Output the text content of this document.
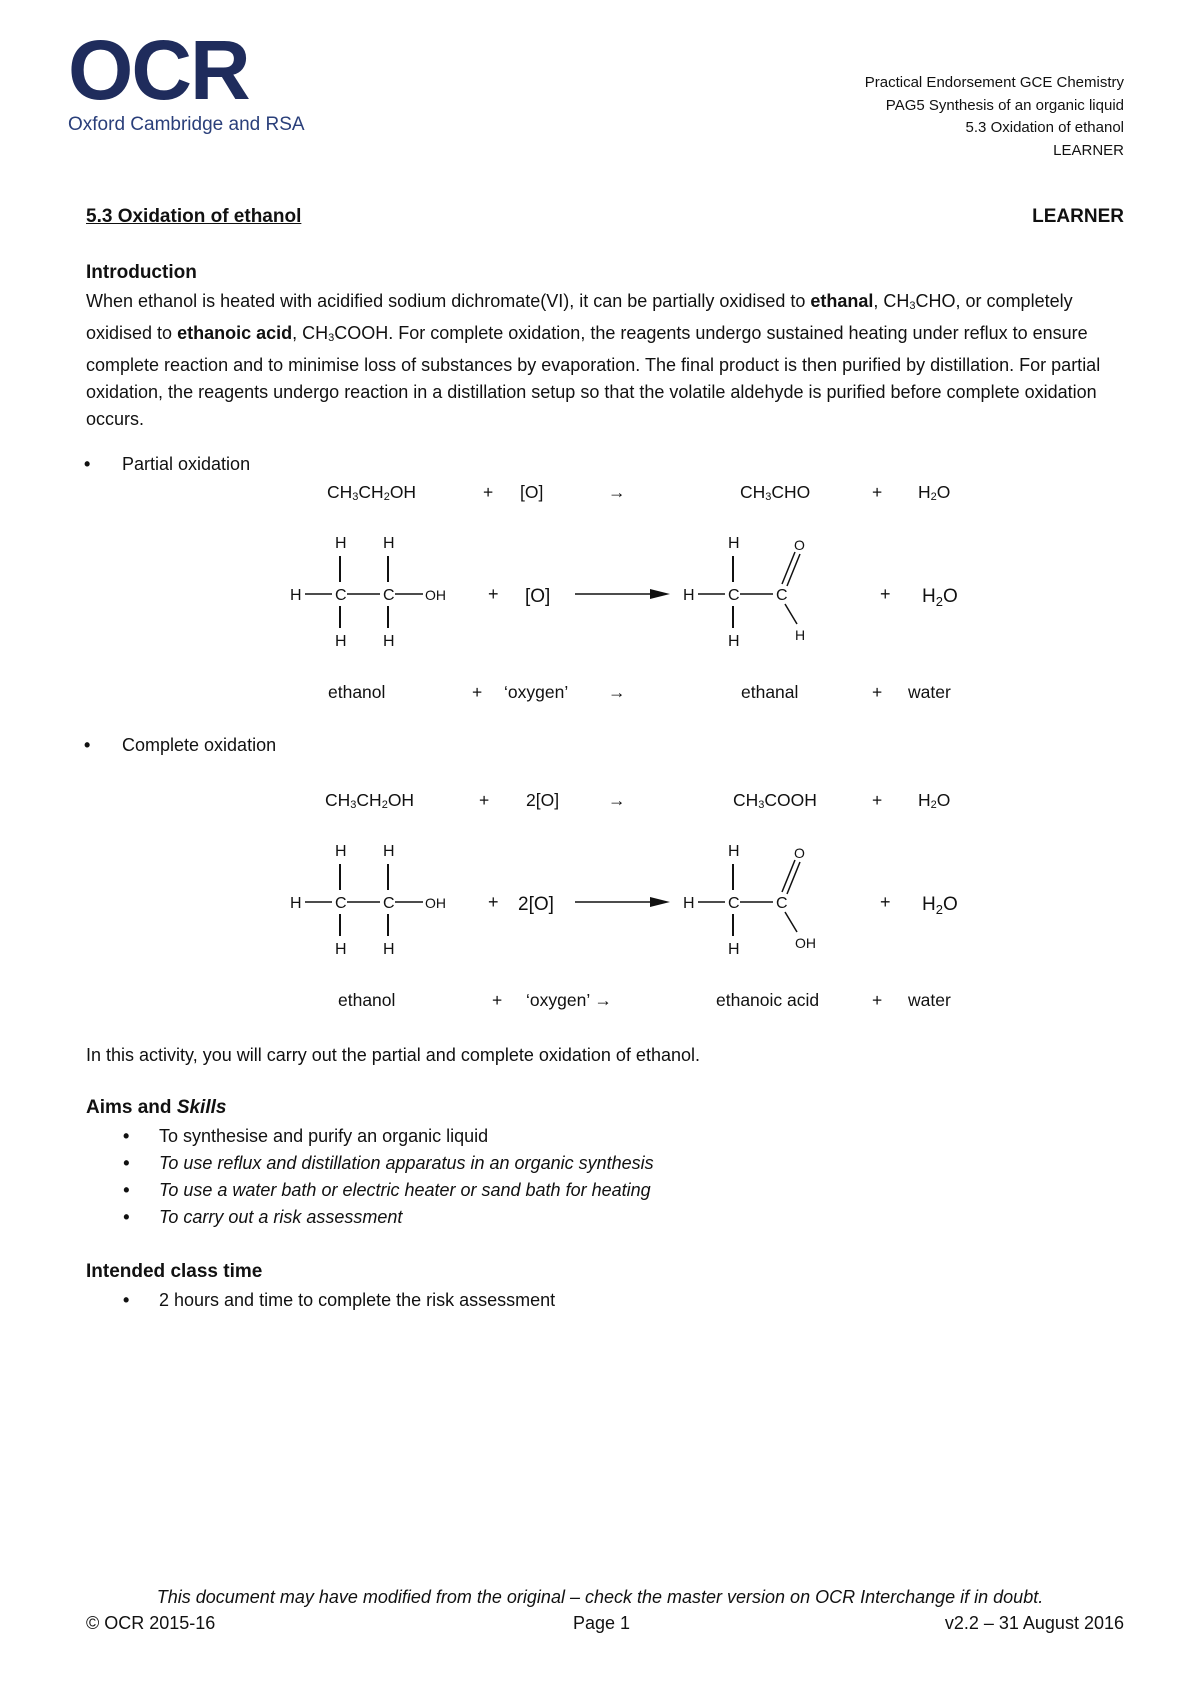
OCR
Oxford Cambridge and RSA
Practical Endorsement GCE Chemistry
PAG5 Synthesis of an organic liquid
5.3 Oxidation of ethanol
LEARNER
5.3 Oxidation of ethanol	LEARNER
Introduction

When ethanol is heated with acidified sodium dichromate(VI), it can be partially oxidised to ethanal, CH3CHO, or completely oxidised to ethanoic acid, CH3COOH. For complete oxidation, the reagents undergo sustained heating under reflux to ensure complete reaction and to minimise loss of substances by evaporation. The final product is then purified by distillation. For partial oxidation, the reagents undergo reaction in a distillation setup so that the volatile aldehyde is purified before complete oxidation occurs.

• Partial oxidation
CH3CH2OH	+ [O]	→	CH3CHO	+ H2O
H C C OH
H H
H H
+ [O]	H C C
H
H
O
H
+ $H_2O$
ethanol	+ ‘oxygen’ →	ethanal	+ water
• Complete oxidation
CH3CH2OH	+ 2[O]	→	CH3COOH	+ H2O
H C C OH
H H
H H
+ 2[O]	H C C
H
H
O
OH
+ $H_2O$
ethanol	+ ‘oxygen’ →	ethanoic acid	+ water
In this activity, you will carry out the partial and complete oxidation of ethanol.
Aims and Skills
• To synthesise and purify an organic liquid
• To use reflux and distillation apparatus in an organic synthesis
• To use a water bath or electric heater or sand bath for heating
• To carry out a risk assessment
Intended class time
• 2 hours and time to complete the risk assessment
This document may have modified from the original – check the master version on OCR Interchange if in doubt.
© OCR 2015-16	Page 1	v2.2 – 31 August 2016
